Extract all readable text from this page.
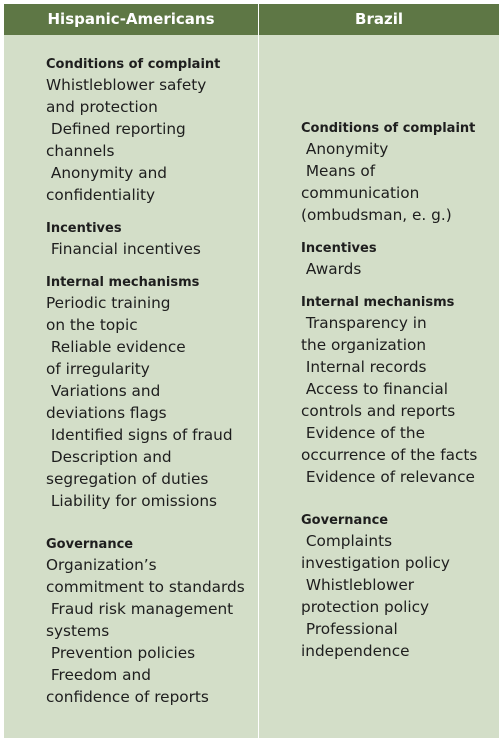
Hispanic-Americans	Brazil
Conditions of complaint
Whistleblower safety
and protection
Defined reporting
channels
Anonymity and
confidentiality
Incentives
Financial incentives
Internal mechanisms
Periodic training
on the topic
Reliable evidence
of irregularity
Variations and
deviations flags
Identified signs of fraud
Description and
segregation of duties
Liability for omissions
Governance
Organization’s
commitment to standards
Fraud risk management
systems
Prevention policies
Freedom and
confidence of reports
Conditions of complaint
Anonymity
Means of
communication
(ombudsman, e. g.)
Incentives
Awards
Internal mechanisms
Transparency in
the organization
Internal records
Access to financial
controls and reports
Evidence of the
occurrence of the facts
Evidence of relevance
Governance
Complaints
investigation policy
Whistleblower
protection policy
Professional
independence
